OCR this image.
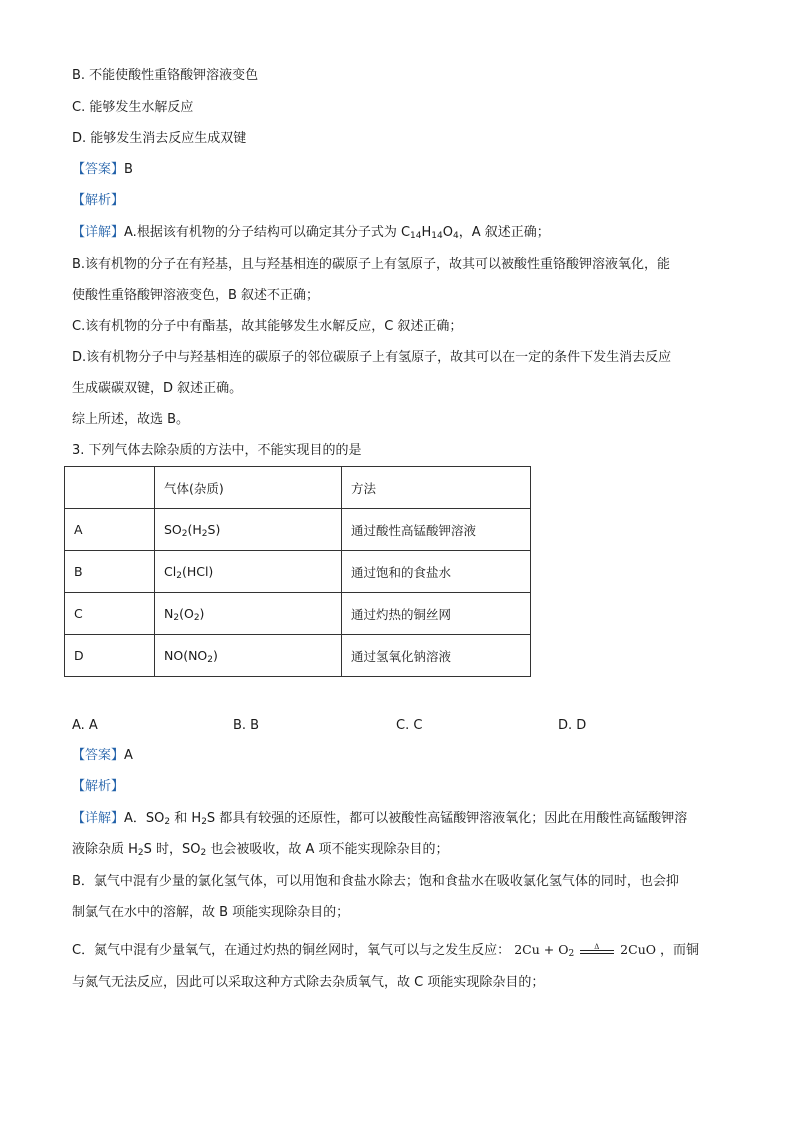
B. 不能使酸性重铬酸钾溶液变色
C. 能够发生水解反应
D. 能够发生消去反应生成双键
【答案】B
【解析】
【详解】A.根据该有机物的分子结构可以确定其分子式为 $C_{14}H_{14}O_4$，A 叙述正确；
B.该有机物的分子在有羟基，且与羟基相连的碳原子上有氢原子，故其可以被酸性重铬酸钾溶液氧化，能
使酸性重铬酸钾溶液变色，B 叙述不正确；
C.该有机物的分子中有酯基，故其能够发生水解反应，C 叙述正确；
D.该有机物分子中与羟基相连的碳原子的邻位碳原子上有氢原子，故其可以在一定的条件下发生消去反应
生成碳碳双键，D 叙述正确。
综上所述，故选 B。
3. 下列气体去除杂质的方法中，不能实现目的的是
	气体(杂质)	方法
A	$SO_2(H_2S)$	通过酸性高锰酸钾溶液
B	$Cl_2(HCl)$	通过饱和的食盐水
C	$N_2(O_2)$	通过灼热的铜丝网
D	$NO(NO_2)$	通过氢氧化钠溶液
A. A	B. B	C. C	D. D
【答案】A
【解析】
【详解】A．$SO_2$ 和 $H_2S$ 都具有较强的还原性，都可以被酸性高锰酸钾溶液氧化；因此在用酸性高锰酸钾溶
液除杂质 $H_2S$ 时，$SO_2$ 也会被吸收，故 A 项不能实现除杂目的；
B．氯气中混有少量的氯化氢气体，可以用饱和食盐水除去；饱和食盐水在吸收氯化氢气体的同时，也会抑
制氯气在水中的溶解，故 B 项能实现除杂目的；
C．氮气中混有少量氧气，在通过灼热的铜丝网时，氧气可以与之发生反应： $2Cu + O_2$
Δ 2CuO ，而铜
与氮气无法反应，因此可以采取这种方式除去杂质氧气，故 C 项能实现除杂目的；
